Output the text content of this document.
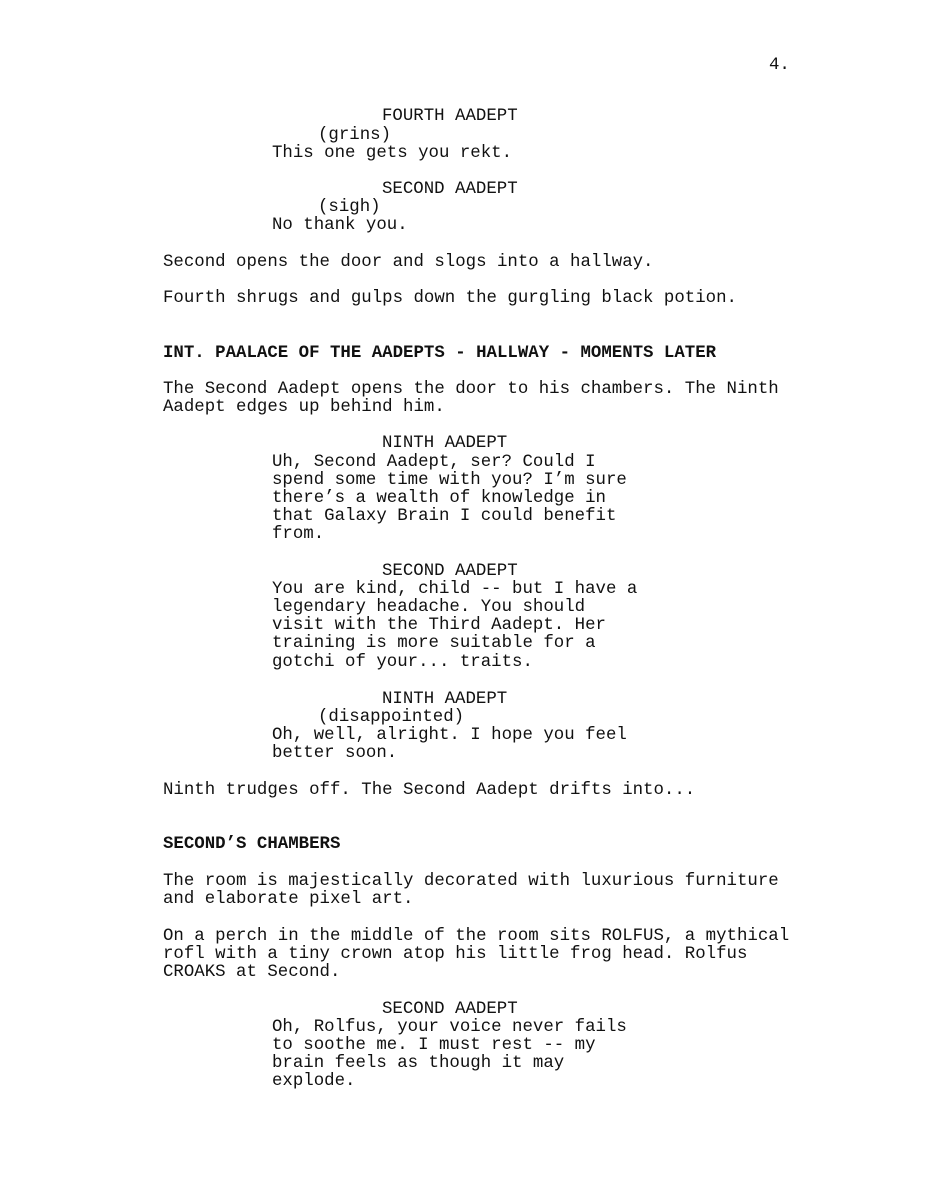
4.
FOURTH AADEPT
(grins)
This one gets you rekt.
SECOND AADEPT
(sigh)
No thank you.
Second opens the door and slogs into a hallway.
Fourth shrugs and gulps down the gurgling black potion.
INT. PAALACE OF THE AADEPTS - HALLWAY - MOMENTS LATER
The Second Aadept opens the door to his chambers. The Ninth
Aadept edges up behind him.
NINTH AADEPT
Uh, Second Aadept, ser? Could I
spend some time with you? I’m sure
there’s a wealth of knowledge in
that Galaxy Brain I could benefit
from.
SECOND AADEPT
You are kind, child -- but I have a
legendary headache. You should
visit with the Third Aadept. Her
training is more suitable for a
gotchi of your... traits.
NINTH AADEPT
(disappointed)
Oh, well, alright. I hope you feel
better soon.
Ninth trudges off. The Second Aadept drifts into...
SECOND’S CHAMBERS
The room is majestically decorated with luxurious furniture
and elaborate pixel art.
On a perch in the middle of the room sits ROLFUS, a mythical
rofl with a tiny crown atop his little frog head. Rolfus
CROAKS at Second.
SECOND AADEPT
Oh, Rolfus, your voice never fails
to soothe me. I must rest -- my
brain feels as though it may
explode.
